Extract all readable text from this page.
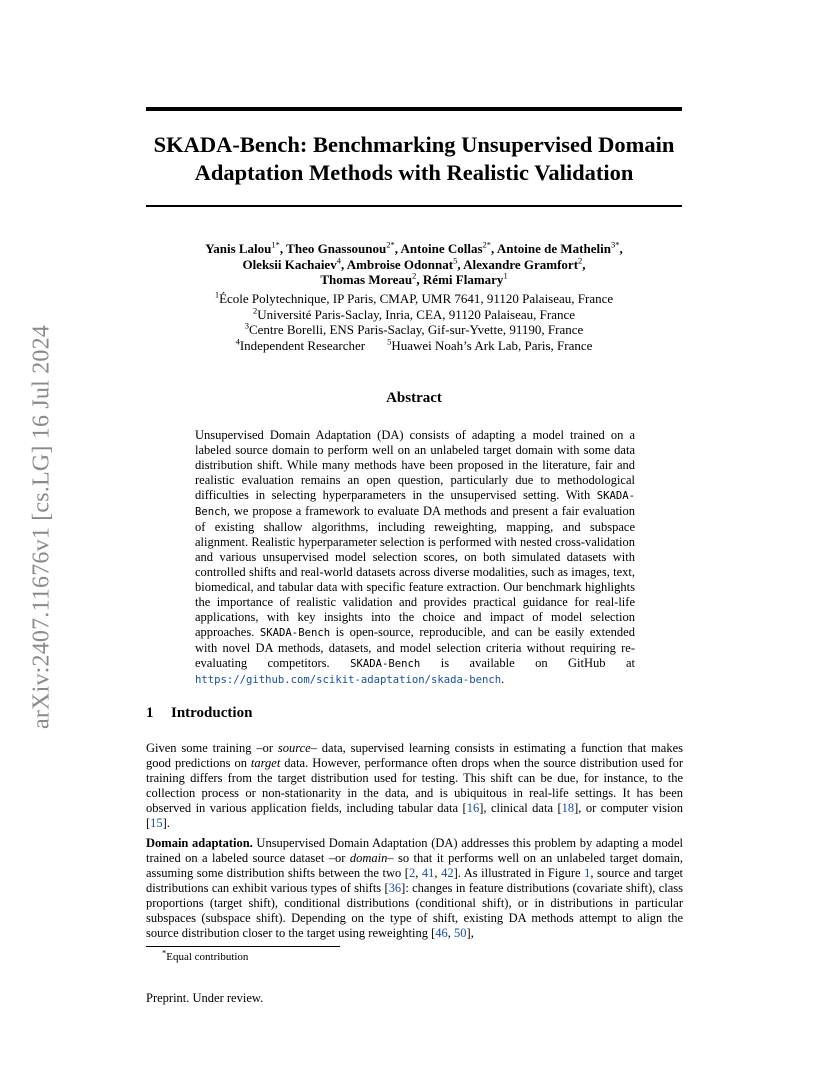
arXiv:2407.11676v1 [cs.LG] 16 Jul 2024
SKADA-Bench: Benchmarking Unsupervised Domain
Adaptation Methods with Realistic Validation
Yanis Lalou$^{1*}$, Theo Gnassounou$^{2*}$, Antoine Collas$^{2*}$, Antoine de Mathelin$^{3*}$,
Oleksii Kachaiev$^4$, Ambroise Odonnat$^5$, Alexandre Gramfort$^2$,
Thomas Moreau$^2$, Rémi Flamary$^1$
$^1$École Polytechnique, IP Paris, CMAP, UMR 7641, 91120 Palaiseau, France
$^2$Université Paris-Saclay, Inria, CEA, 91120 Palaiseau, France
$^3$Centre Borelli, ENS Paris-Saclay, Gif-sur-Yvette, 91190, France
$^4$Independent Researcher	$^5$Huawei Noah’s Ark Lab, Paris, France
Abstract
Unsupervised Domain Adaptation (DA) consists of adapting a model trained on a labeled source domain to perform well on an unlabeled target domain with some data distribution shift. While many methods have been proposed in the literature, fair and realistic evaluation remains an open question, particularly due to methodological difficulties in selecting hyperparameters in the unsupervised setting. With SKADA-Bench, we propose a framework to evaluate DA methods and present a fair evaluation of existing shallow algorithms, including reweighting, mapping, and subspace alignment. Realistic hyperparameter selection is performed with nested cross-validation and various unsupervised model selection scores, on both simulated datasets with controlled shifts and real-world datasets across diverse modalities, such as images, text, biomedical, and tabular data with specific feature extraction. Our benchmark highlights the importance of realistic validation and provides practical guidance for real-life applications, with key insights into the choice and impact of model selection approaches. SKADA-Bench is open-source, reproducible, and can be easily extended with novel DA methods, datasets, and model selection criteria without requiring re-evaluating competitors. SKADA-Bench is available on GitHub at https://github.com/scikit-adaptation/skada-bench.
1 Introduction
Given some training –or source– data, supervised learning consists in estimating a function that makes good predictions on target data. However, performance often drops when the source distribution used for training differs from the target distribution used for testing. This shift can be due, for instance, to the collection process or non-stationarity in the data, and is ubiquitous in real-life settings. It has been observed in various application fields, including tabular data [16], clinical data [18], or computer vision [15].
Domain adaptation. Unsupervised Domain Adaptation (DA) addresses this problem by adapting a model trained on a labeled source dataset –or domain– so that it performs well on an unlabeled target domain, assuming some distribution shifts between the two [2, 41, 42]. As illustrated in Figure 1, source and target distributions can exhibit various types of shifts [36]: changes in feature distributions (covariate shift), class proportions (target shift), conditional distributions (conditional shift), or in distributions in particular subspaces (subspace shift). Depending on the type of shift, existing DA methods attempt to align the source distribution closer to the target using reweighting [46, 50],
*Equal contribution
Preprint. Under review.
